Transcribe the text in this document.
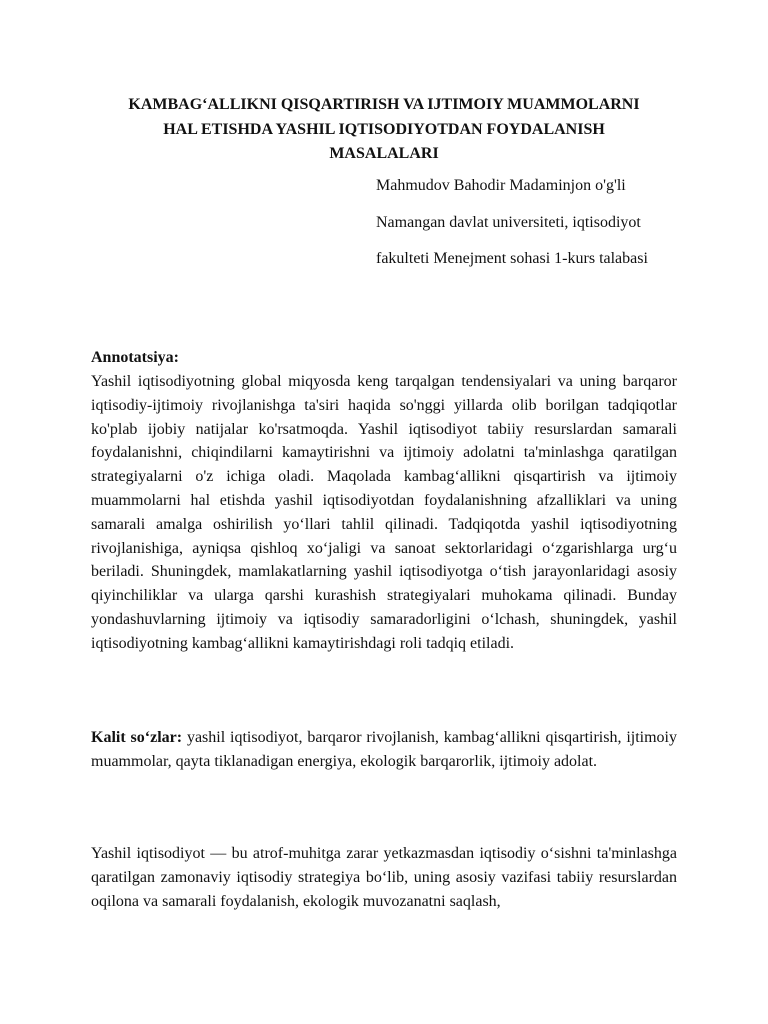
KAMBAG‘ALLIKNI QISQARTIRISH VA IJTIMOIY MUAMMOLARNI
HAL ETISHDA YASHIL IQTISODIYOTDAN FOYDALANISH
MASALALARI
Mahmudov Bahodir Madaminjon o'g'li
Namangan davlat universiteti, iqtisodiyot
fakulteti Menejment sohasi 1-kurs talabasi
Annotatsiya:

Yashil iqtisodiyotning global miqyosda keng tarqalgan tendensiyalari va uning barqaror iqtisodiy-ijtimoiy rivojlanishga ta'siri haqida so'nggi yillarda olib borilgan tadqiqotlar ko'plab ijobiy natijalar ko'rsatmoqda. Yashil iqtisodiyot tabiiy resurslardan samarali foydalanishni, chiqindilarni kamaytirishni va ijtimoiy adolatni ta'minlashga qaratilgan strategiyalarni o'z ichiga oladi. Maqolada kambag‘allikni qisqartirish va ijtimoiy muammolarni hal etishda yashil iqtisodiyotdan foydalanishning afzalliklari va uning samarali amalga oshirilish yo‘llari tahlil qilinadi. Tadqiqotda yashil iqtisodiyotning rivojlanishiga, ayniqsa qishloq xo‘jaligi va sanoat sektorlaridagi o‘zgarishlarga urg‘u beriladi. Shuningdek, mamlakatlarning yashil iqtisodiyotga o‘tish jarayonlaridagi asosiy qiyinchiliklar va ularga qarshi kurashish strategiyalari muhokama qilinadi. Bunday yondashuvlarning ijtimoiy va iqtisodiy samaradorligini o‘lchash, shuningdek, yashil iqtisodiyotning kambag‘allikni kamaytirishdagi roli tadqiq etiladi.

Kalit so‘zlar: yashil iqtisodiyot, barqaror rivojlanish, kambag‘allikni qisqartirish, ijtimoiy muammolar, qayta tiklanadigan energiya, ekologik barqarorlik, ijtimoiy adolat.

Yashil iqtisodiyot — bu atrof-muhitga zarar yetkazmasdan iqtisodiy o‘sishni ta'minlashga qaratilgan zamonaviy iqtisodiy strategiya bo‘lib, uning asosiy vazifasi tabiiy resurslardan oqilona va samarali foydalanish, ekologik muvozanatni saqlash,
